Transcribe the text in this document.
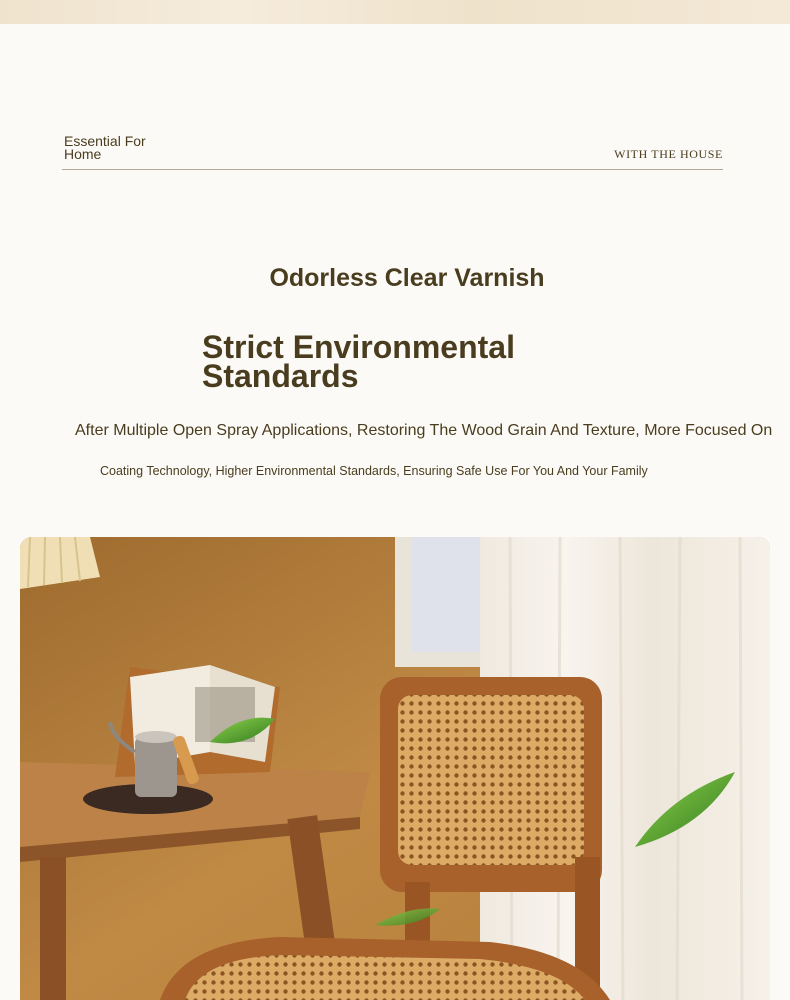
Essential For Home	WITH THE HOUSE
Odorless Clear Varnish
Strict Environmental Standards
After Multiple Open Spray Applications, Restoring The Wood Grain And Texture, More Focused On
Coating Technology, Higher Environmental Standards, Ensuring Safe Use For You And Your Family
